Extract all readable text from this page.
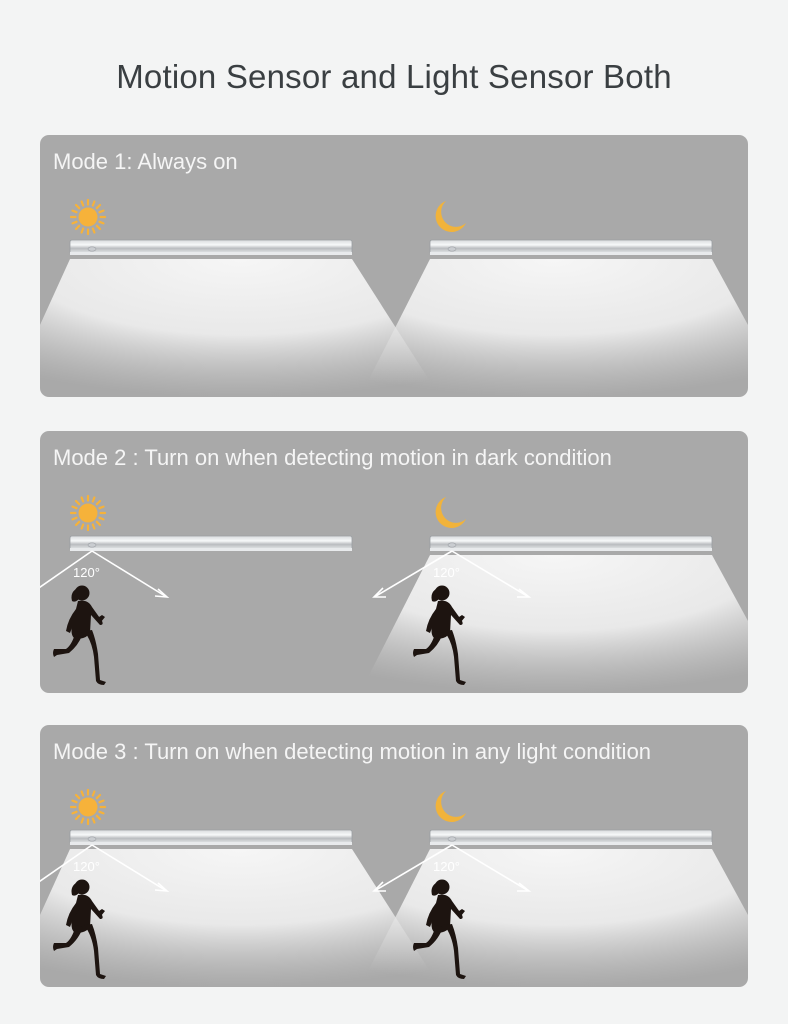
Motion Sensor and Light Sensor Both
Mode 1: Always on
Mode 2 : Turn on when detecting motion in dark condition
120°	120°
Mode 3 : Turn on when detecting motion in any light condition
120°	120°
